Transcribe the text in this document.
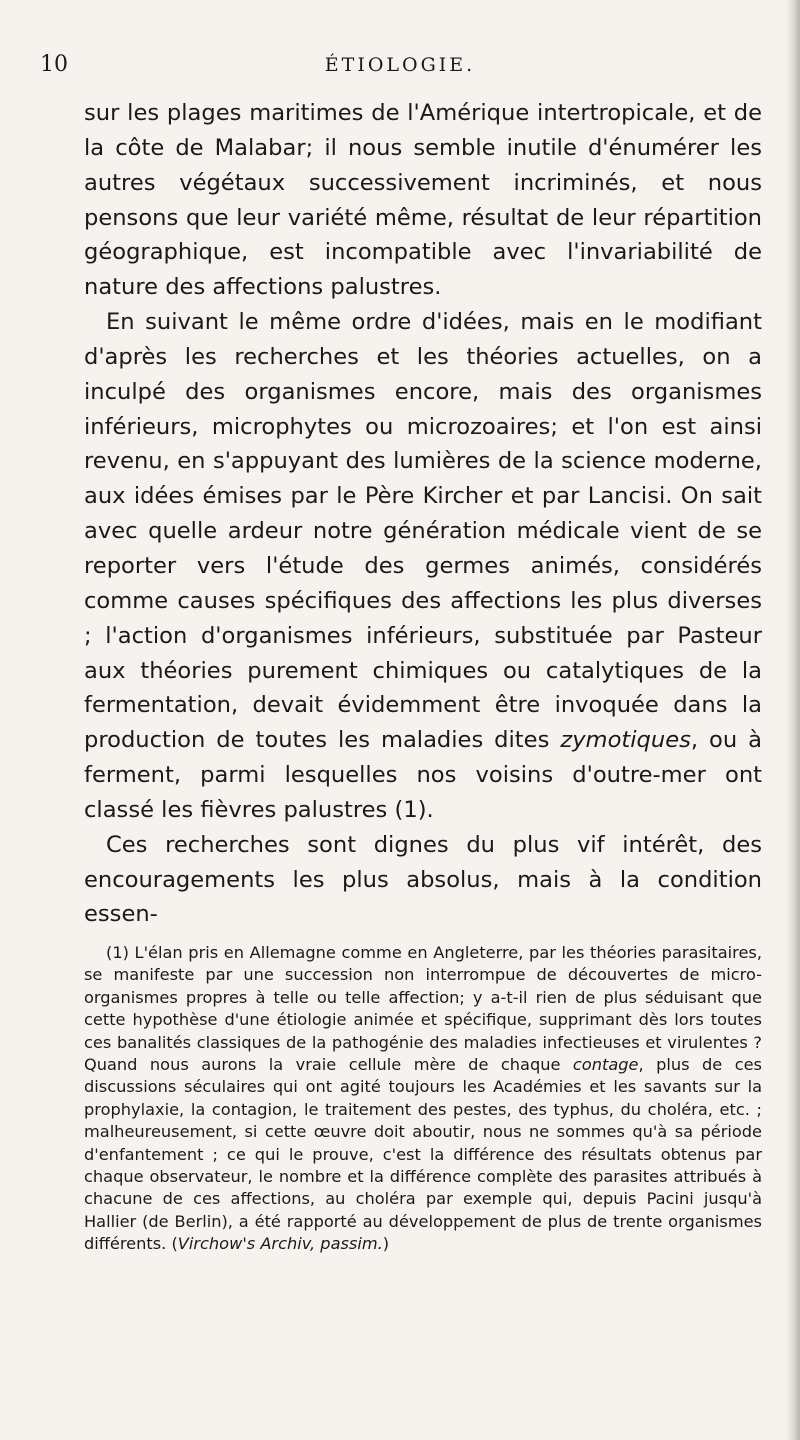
10	ÉTIOLOGIE.

sur les plages maritimes de l'Amérique intertropicale, et de la côte de Malabar; il nous semble inutile d'énumérer les autres végétaux successivement incriminés, et nous pensons que leur variété même, résultat de leur répartition géographique, est incompatible avec l'invariabilité de nature des affections palustres.

En suivant le même ordre d'idées, mais en le modifiant d'après les recherches et les théories actuelles, on a inculpé des organismes encore, mais des organismes inférieurs, microphytes ou microzoaires; et l'on est ainsi revenu, en s'appuyant des lumières de la science moderne, aux idées émises par le Père Kircher et par Lancisi. On sait avec quelle ardeur notre génération médicale vient de se reporter vers l'étude des germes animés, considérés comme causes spécifiques des affections les plus diverses ; l'action d'organismes inférieurs, substituée par Pasteur aux théories purement chimiques ou catalytiques de la fermentation, devait évidemment être invoquée dans la production de toutes les maladies dites zymotiques, ou à ferment, parmi lesquelles nos voisins d'outre-mer ont classé les fièvres palustres (1).

Ces recherches sont dignes du plus vif intérêt, des encouragements les plus absolus, mais à la condition essen-

(1) L'élan pris en Allemagne comme en Angleterre, par les théories parasitaires, se manifeste par une succession non interrompue de découvertes de micro-organismes propres à telle ou telle affection; y a-t-il rien de plus séduisant que cette hypothèse d'une étiologie animée et spécifique, supprimant dès lors toutes ces banalités classiques de la pathogénie des maladies infectieuses et virulentes ? Quand nous aurons la vraie cellule mère de chaque contage, plus de ces discussions séculaires qui ont agité toujours les Académies et les savants sur la prophylaxie, la contagion, le traitement des pestes, des typhus, du choléra, etc. ; malheureusement, si cette œuvre doit aboutir, nous ne sommes qu'à sa période d'enfantement ; ce qui le prouve, c'est la différence des résultats obtenus par chaque observateur, le nombre et la différence complète des parasites attribués à chacune de ces affections, au choléra par exemple qui, depuis Pacini jusqu'à Hallier (de Berlin), a été rapporté au développement de plus de trente organismes différents. (Virchow's Archiv, passim.)
